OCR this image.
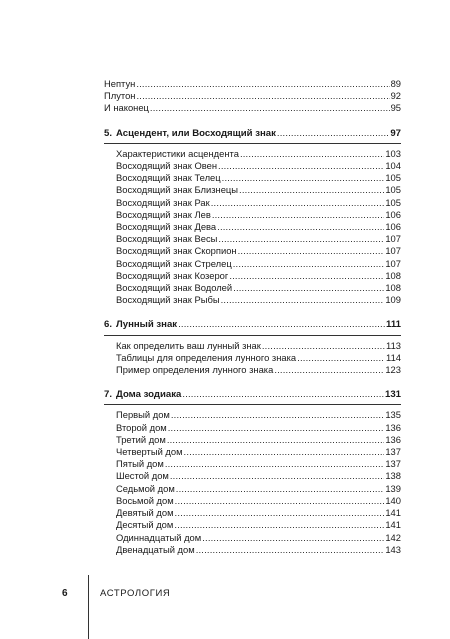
Нептун .....	89
Плутон .....	92
И наконец .....	95
5. Асцендент, или Восходящий знак .....	97
Характеристики асцендента .....	103
Восходящий знак Овен .....	104
Восходящий знак Телец .....	105
Восходящий знак Близнецы .....	105
Восходящий знак Рак .....	105
Восходящий знак Лев .....	106
Восходящий знак Дева .....	106
Восходящий знак Весы .....	107
Восходящий знак Скорпион .....	107
Восходящий знак Стрелец .....	107
Восходящий знак Козерог .....	108
Восходящий знак Водолей .....	108
Восходящий знак Рыбы .....	109
6. Лунный знак .....	111
Как определить ваш лунный знак .....	113
Таблицы для определения лунного знака .....	114
Пример определения лунного знака .....	123
7. Дома зодиака .....	131
Первый дом .....	135
Второй дом .....	136
Третий дом .....	136
Четвертый дом .....	137
Пятый дом .....	137
Шестой дом .....	138
Седьмой дом .....	139
Восьмой дом .....	140
Девятый дом .....	141
Десятый дом .....	141
Одиннадцатый дом .....	142
Двенадцатый дом .....	143
6	АСТРОЛОГИЯ
